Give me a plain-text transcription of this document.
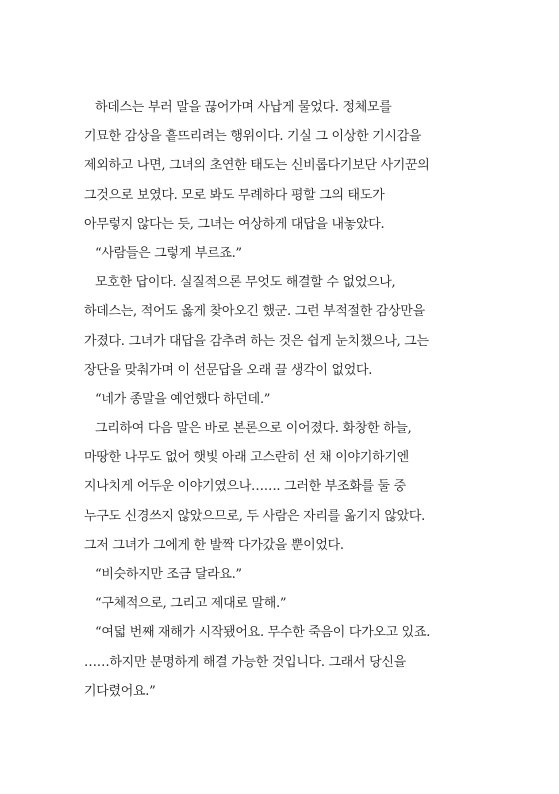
하데스는 부러 말을 끊어가며 사납게 물었다. 정체모를
기묘한 감상을 흩뜨리려는 행위이다. 기실 그 이상한 기시감을
제외하고 나면, 그녀의 초연한 태도는 신비롭다기보단 사기꾼의
그것으로 보였다. 모로 봐도 무례하다 평할 그의 태도가
아무렇지 않다는 듯, 그녀는 여상하게 대답을 내놓았다.
“사람들은 그렇게 부르죠.”
모호한 답이다. 실질적으론 무엇도 해결할 수 없었으나,
하데스는, 적어도 옳게 찾아오긴 했군. 그런 부적절한 감상만을
가졌다. 그녀가 대답을 감추려 하는 것은 쉽게 눈치챘으나, 그는
장단을 맞춰가며 이 선문답을 오래 끌 생각이 없었다.
“네가 종말을 예언했다 하던데.”
그리하여 다음 말은 바로 본론으로 이어졌다. 화창한 하늘,
마땅한 나무도 없어 햇빛 아래 고스란히 선 채 이야기하기엔
지나치게 어두운 이야기였으나……. 그러한 부조화를 둘 중
누구도 신경쓰지 않았으므로, 두 사람은 자리를 옮기지 않았다.
그저 그녀가 그에게 한 발짝 다가갔을 뿐이었다.
“비슷하지만 조금 달라요.”
“구체적으로, 그리고 제대로 말해.”
“여덟 번째 재해가 시작됐어요. 무수한 죽음이 다가오고 있죠.
……하지만 분명하게 해결 가능한 것입니다. 그래서 당신을
기다렸어요.”
